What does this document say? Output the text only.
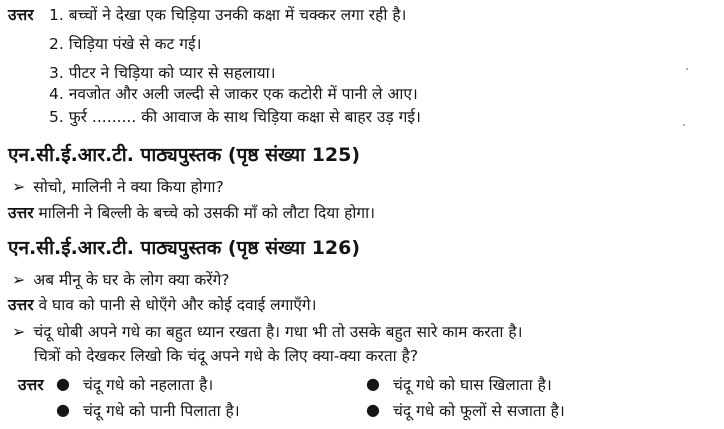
उत्तर 1. बच्चों ने देखा एक चिड़िया उनकी कक्षा में चक्कर लगा रही है।
2. चिड़िया पंखे से कट गई।
3. पीटर ने चिड़िया को प्यार से सहलाया।
4. नवजोत और अली जल्दी से जाकर एक कटोरी में पानी ले आए।
5. फुर्र ......... की आवाज के साथ चिड़िया कक्षा से बाहर उड़ गई।
एन.सी.ई.आर.टी. पाठ्यपुस्तक (पृष्ठ संख्या 125)
➢ सोचो, मालिनी ने क्या किया होगा?
उत्तर मालिनी ने बिल्ली के बच्चे को उसकी माँ को लौटा दिया होगा।
एन.सी.ई.आर.टी. पाठ्यपुस्तक (पृष्ठ संख्या 126)
➢ अब मीनू के घर के लोग क्या करेंगे?
उत्तर वे घाव को पानी से धोएँगे और कोई दवाई लगाएँगे।
➢ चंदू धोबी अपने गधे का बहुत ध्यान रखता है। गधा भी तो उसके बहुत सारे काम करता है।
चित्रों को देखकर लिखो कि चंदू अपने गधे के लिए क्या-क्या करता है?
उत्तर ● चंदू गधे को नहलाता है।	● चंदू गधे को घास खिलाता है।
● चंदू गधे को पानी पिलाता है।	● चंदू गधे को फूलों से सजाता है।
